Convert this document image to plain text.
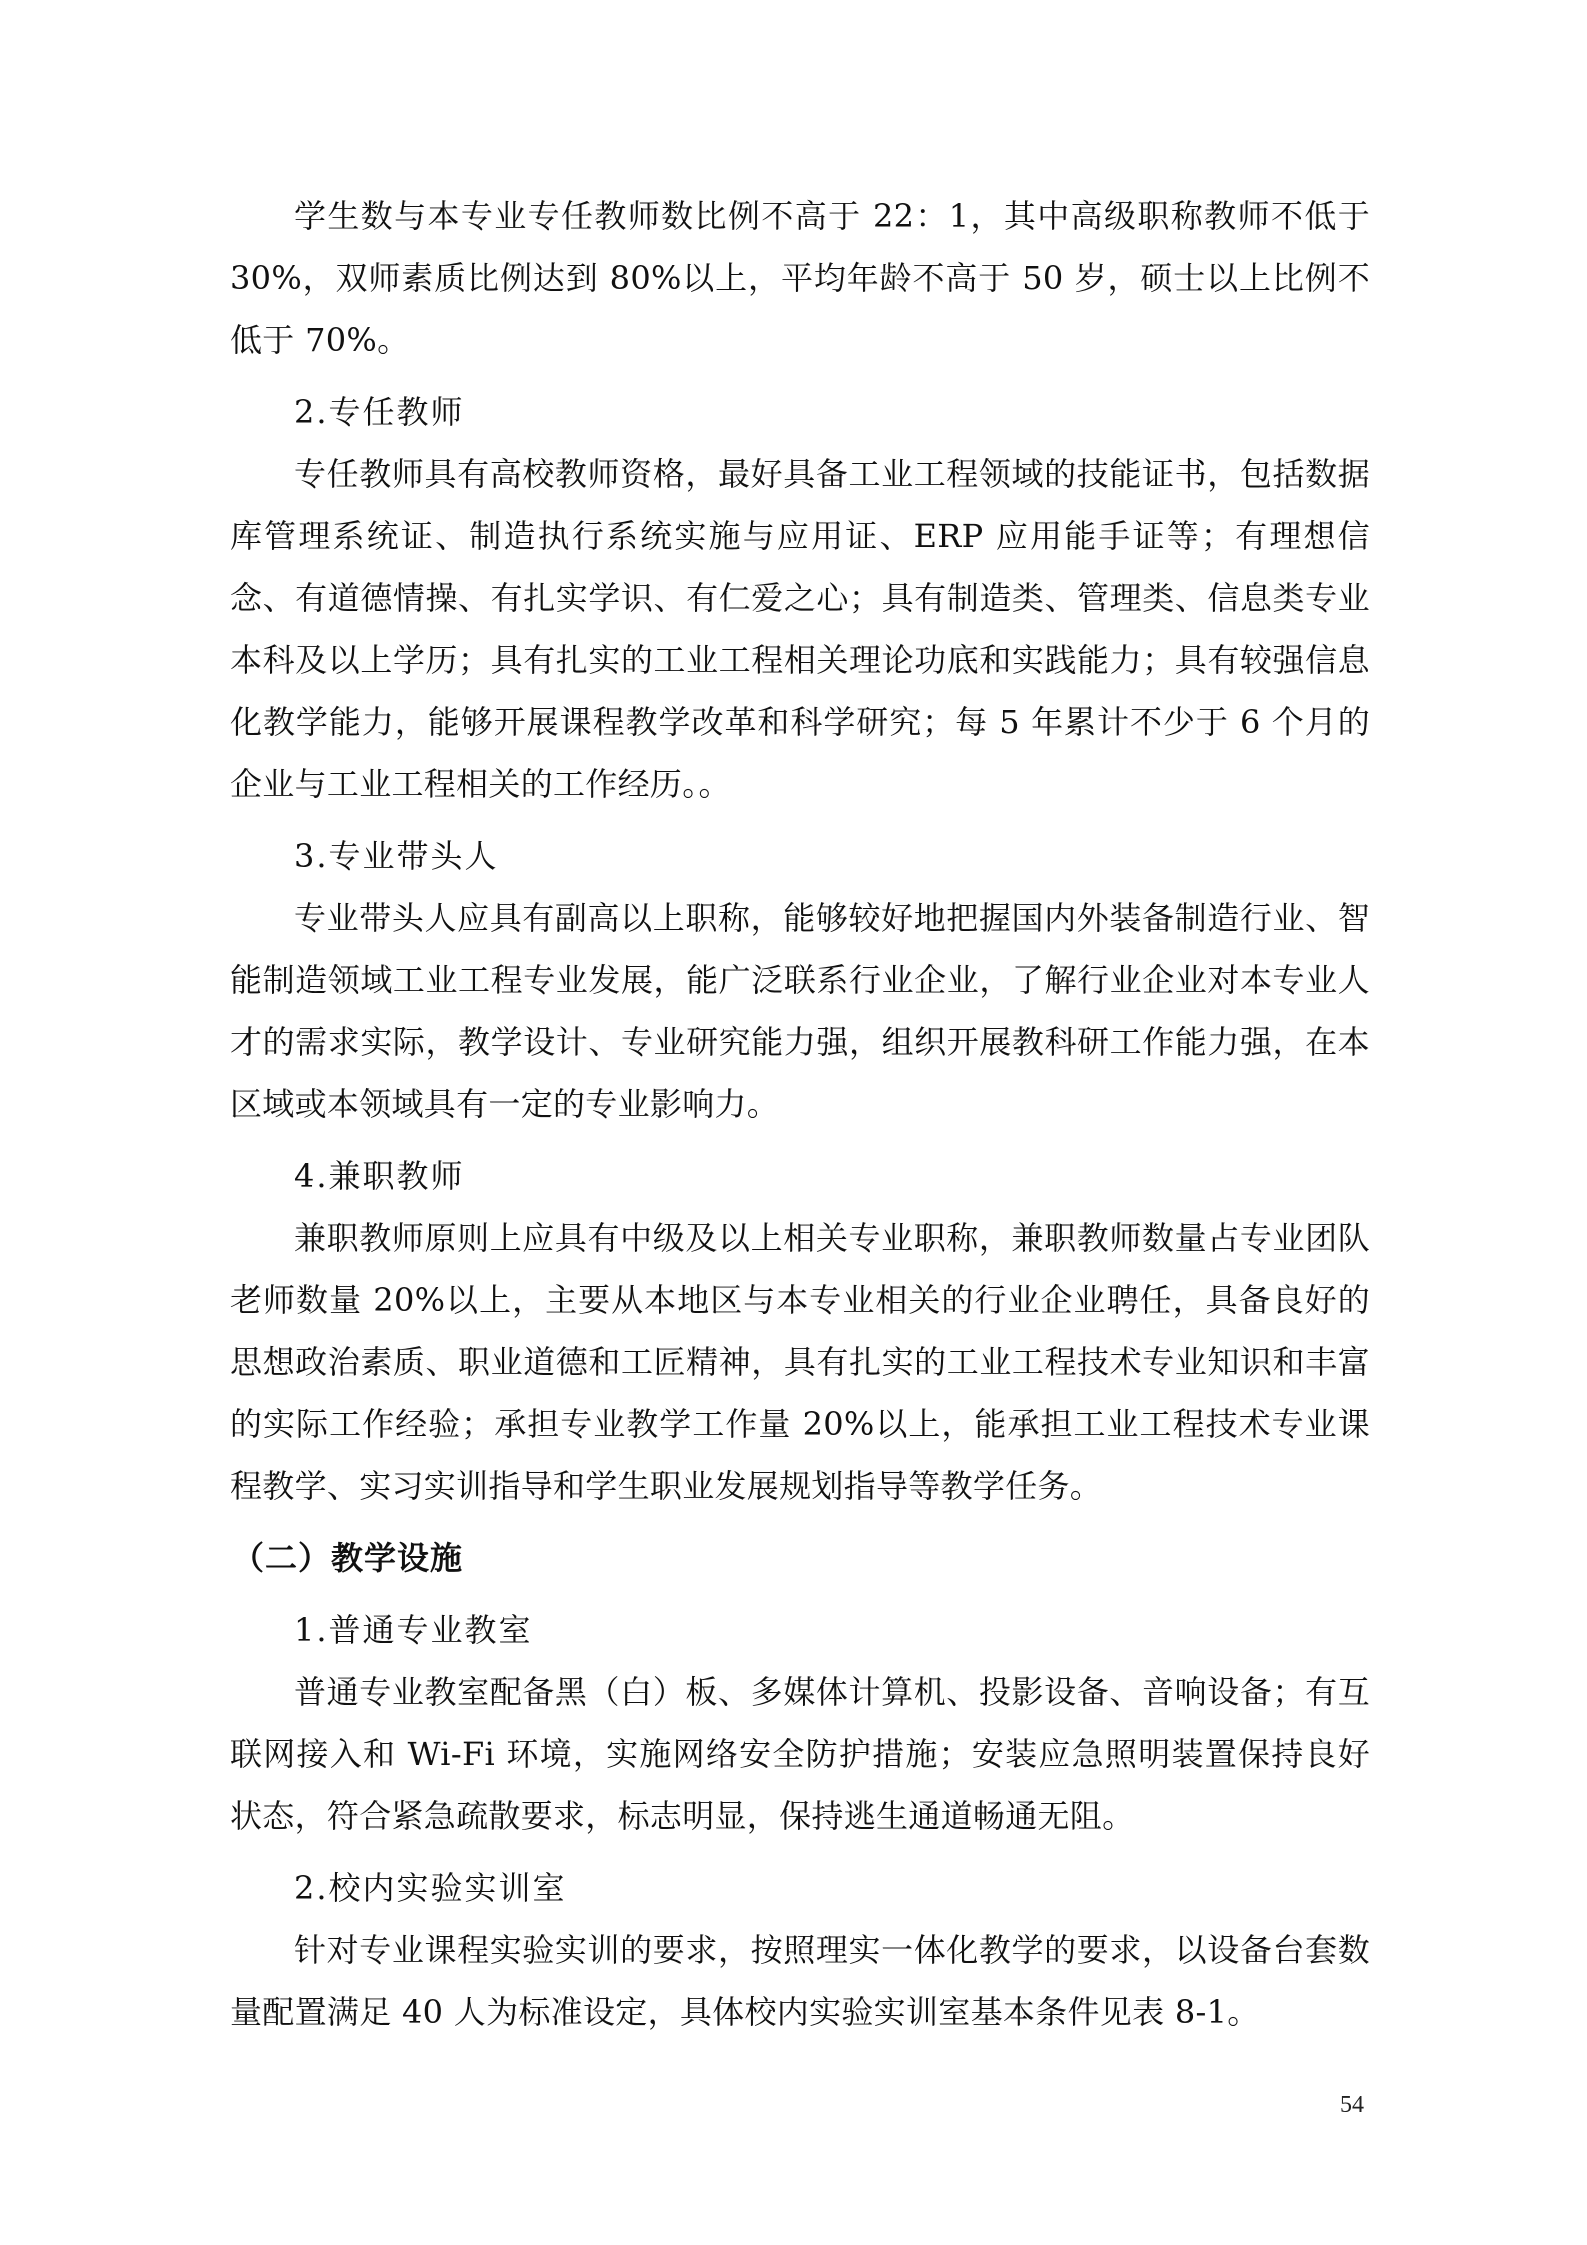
学生数与本专业专任教师数比例不高于 22：1，其中高级职称教师不低于 30%，双师素质比例达到 80%以上，平均年龄不高于 50 岁，硕士以上比例不低于 70%。

2.专任教师

专任教师具有高校教师资格，最好具备工业工程领域的技能证书，包括数据库管理系统证、制造执行系统实施与应用证、ERP 应用能手证等；有理想信念、有道德情操、有扎实学识、有仁爱之心；具有制造类、管理类、信息类专业本科及以上学历；具有扎实的工业工程相关理论功底和实践能力；具有较强信息化教学能力，能够开展课程教学改革和科学研究；每 5 年累计不少于 6 个月的企业与工业工程相关的工作经历。。

3.专业带头人

专业带头人应具有副高以上职称，能够较好地把握国内外装备制造行业、智能制造领域工业工程专业发展，能广泛联系行业企业，了解行业企业对本专业人才的需求实际，教学设计、专业研究能力强，组织开展教科研工作能力强，在本区域或本领域具有一定的专业影响力。

4.兼职教师

兼职教师原则上应具有中级及以上相关专业职称，兼职教师数量占专业团队老师数量 20%以上，主要从本地区与本专业相关的行业企业聘任，具备良好的思想政治素质、职业道德和工匠精神，具有扎实的工业工程技术专业知识和丰富的实际工作经验；承担专业教学工作量 20%以上，能承担工业工程技术专业课程教学、实习实训指导和学生职业发展规划指导等教学任务。

（二）教学设施
1.普通专业教室

普通专业教室配备黑（白）板、多媒体计算机、投影设备、音响设备；有互联网接入和 Wi-Fi 环境，实施网络安全防护措施；安装应急照明装置保持良好状态，符合紧急疏散要求，标志明显，保持逃生通道畅通无阻。

2.校内实验实训室

针对专业课程实验实训的要求，按照理实一体化教学的要求，以设备台套数量配置满足 40 人为标准设定，具体校内实验实训室基本条件见表 8-1。

54
